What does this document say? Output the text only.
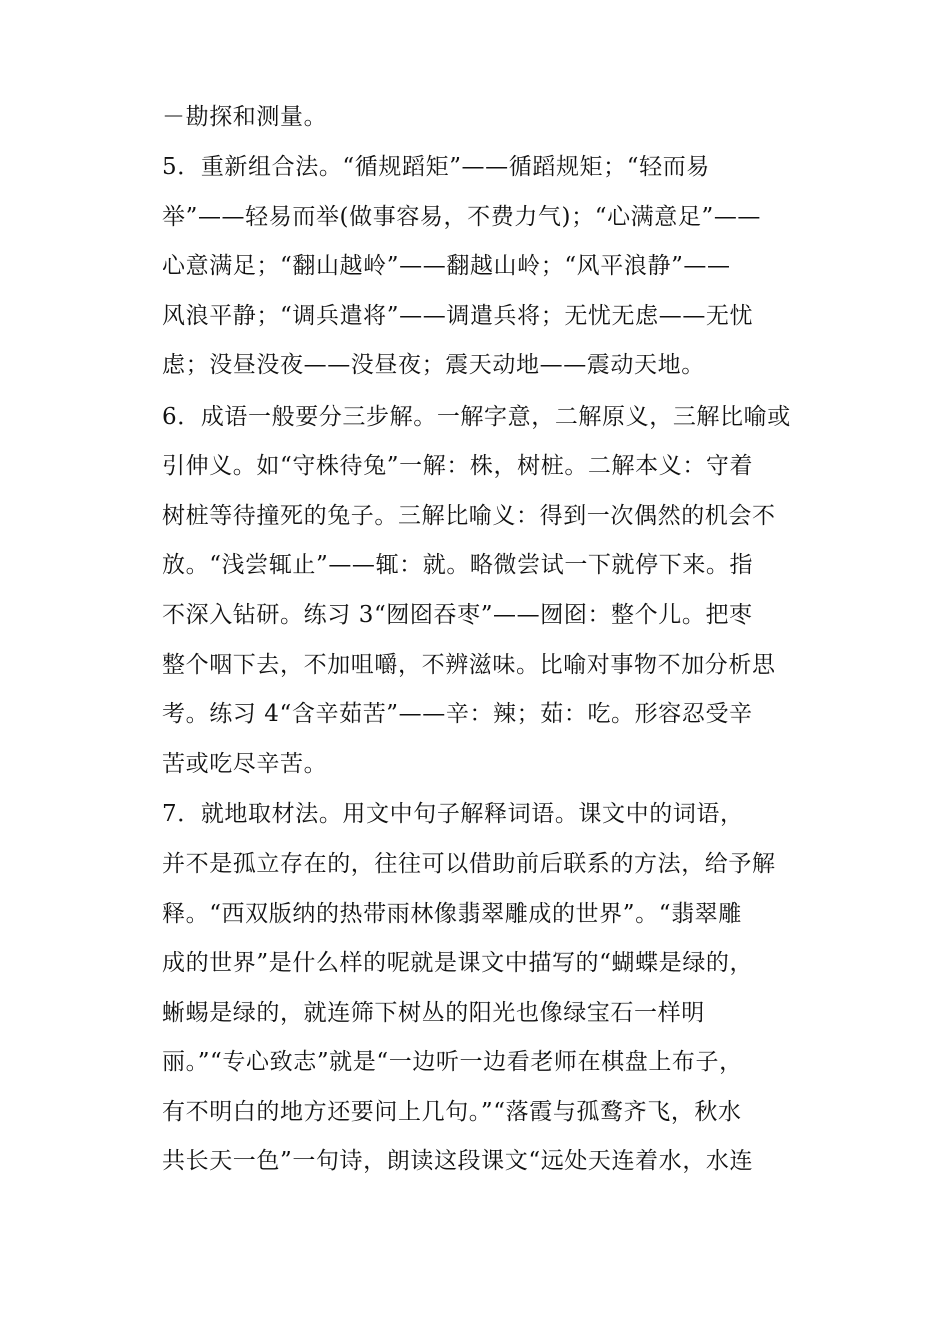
－勘探和测量。
5．重新组合法。“循规蹈矩”——循蹈规矩；“轻而易
举”——轻易而举(做事容易，不费力气)；“心满意足”——
心意满足；“翻山越岭”——翻越山岭；“风平浪静”——
风浪平静；“调兵遣将”——调遣兵将；无忧无虑——无忧
虑；没昼没夜——没昼夜；震天动地——震动天地。
6．成语一般要分三步解。一解字意，二解原义，三解比喻或
引伸义。如“守株待兔”一解：株，树桩。二解本义：守着
树桩等待撞死的兔子。三解比喻义：得到一次偶然的机会不
放。“浅尝辄止”——辄：就。略微尝试一下就停下来。指
不深入钻研。练习 3“囫囵吞枣”——囫囵：整个儿。把枣
整个咽下去，不加咀嚼，不辨滋味。比喻对事物不加分析思
考。练习 4“含辛茹苦”——辛：辣；茹：吃。形容忍受辛
苦或吃尽辛苦。
7．就地取材法。用文中句子解释词语。课文中的词语，
并不是孤立存在的，往往可以借助前后联系的方法，给予解
释。“西双版纳的热带雨林像翡翠雕成的世界”。“翡翠雕
成的世界”是什么样的呢就是课文中描写的“蝴蝶是绿的，
蜥蜴是绿的，就连筛下树丛的阳光也像绿宝石一样明
丽。”“专心致志”就是“一边听一边看老师在棋盘上布子，
有不明白的地方还要问上几句。”“落霞与孤鹜齐飞，秋水
共长天一色”一句诗，朗读这段课文“远处天连着水，水连
